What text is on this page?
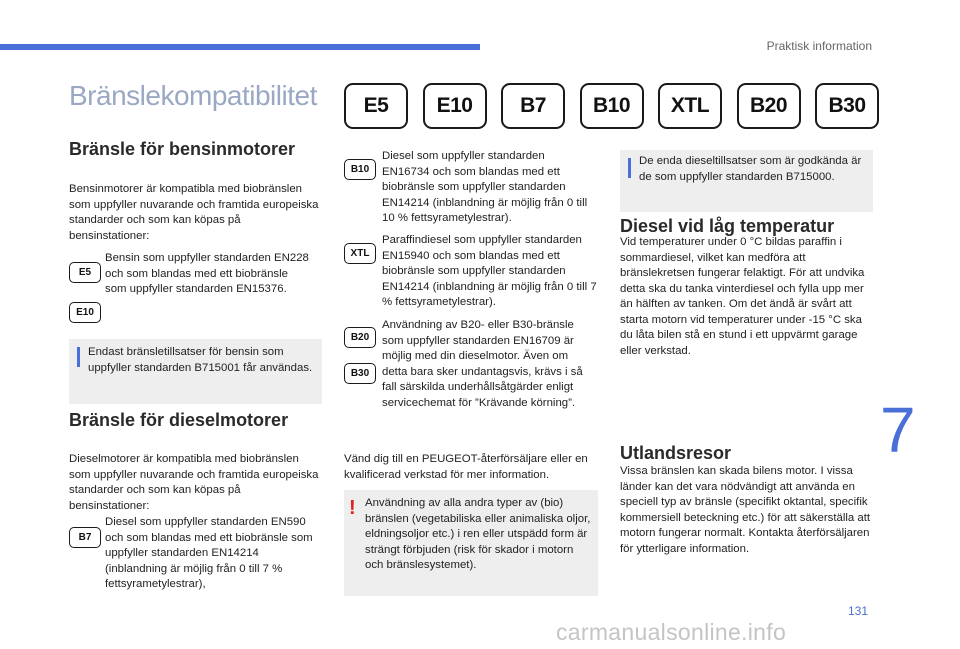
Praktisk information
Bränslekompatibilitet	E5	E10	B7	B10	XTL	B20	B30
Bränsle för bensinmotorer

Bensinmotorer är kompatibla med biobränslen som uppfyller nuvarande och framtida europeiska standarder och som kan köpas på bensinstationer:

E5
E10

Bensin som uppfyller standarden EN228 och som blandas med ett biobränsle som uppfyller standarden EN15376.

Endast bränsletillsatser för bensin som uppfyller standarden B715001 får användas.

Bränsle för dieselmotorer

Dieselmotorer är kompatibla med biobränslen som uppfyller nuvarande och framtida europeiska standarder och som kan köpas på bensinstationer:

B7

Diesel som uppfyller standarden EN590 och som blandas med ett biobränsle som uppfyller standarden EN14214 (inblandning är möjlig från 0 till 7 % fettsyrametylestrar),

B10

Diesel som uppfyller standarden EN16734 och som blandas med ett biobränsle som uppfyller standarden EN14214 (inblandning är möjlig från 0 till 10 % fettsyrametylestrar).

XTL

Paraffindiesel som uppfyller standarden EN15940 och som blandas med ett biobränsle som uppfyller standarden EN14214 (inblandning är möjlig från 0 till 7 % fettsyrametylestrar).

B20
B30

Användning av B20- eller B30-bränsle som uppfyller standarden EN16709 är möjlig med din dieselmotor. Även om detta bara sker undantagsvis, krävs i så fall särskilda underhållsåtgärder enligt servicechemat för ”Krävande körning”.

Vänd dig till en PEUGEOT-återförsäljare eller en kvalificerad verkstad för mer information.

! Användning av alla andra typer av (bio) bränslen (vegetabiliska eller animaliska oljor, eldningsoljor etc.) i ren eller utspädd form är strängt förbjuden (risk för skador i motorn och bränslesystemet).

De enda dieseltillsatser som är godkända är de som uppfyller standarden B715000.

Diesel vid låg temperatur

Vid temperaturer under 0 °C bildas paraffin i sommardiesel, vilket kan medföra att bränslekretsen fungerar felaktigt. För att undvika detta ska du tanka vinterdiesel och fylla upp mer än hälften av tanken. Om det ändå är svårt att starta motorn vid temperaturer under -15 °C ska du låta bilen stå en stund i ett uppvärmt garage eller verkstad.

Utlandsresor

Vissa bränslen kan skada bilens motor. I vissa länder kan det vara nödvändigt att använda en speciell typ av bränsle (specifikt oktantal, specifik kommersiell beteckning etc.) för att säkerställa att motorn fungerar normalt. Kontakta återförsäljaren för ytterligare information.

7
131
carmanualsonline.info
